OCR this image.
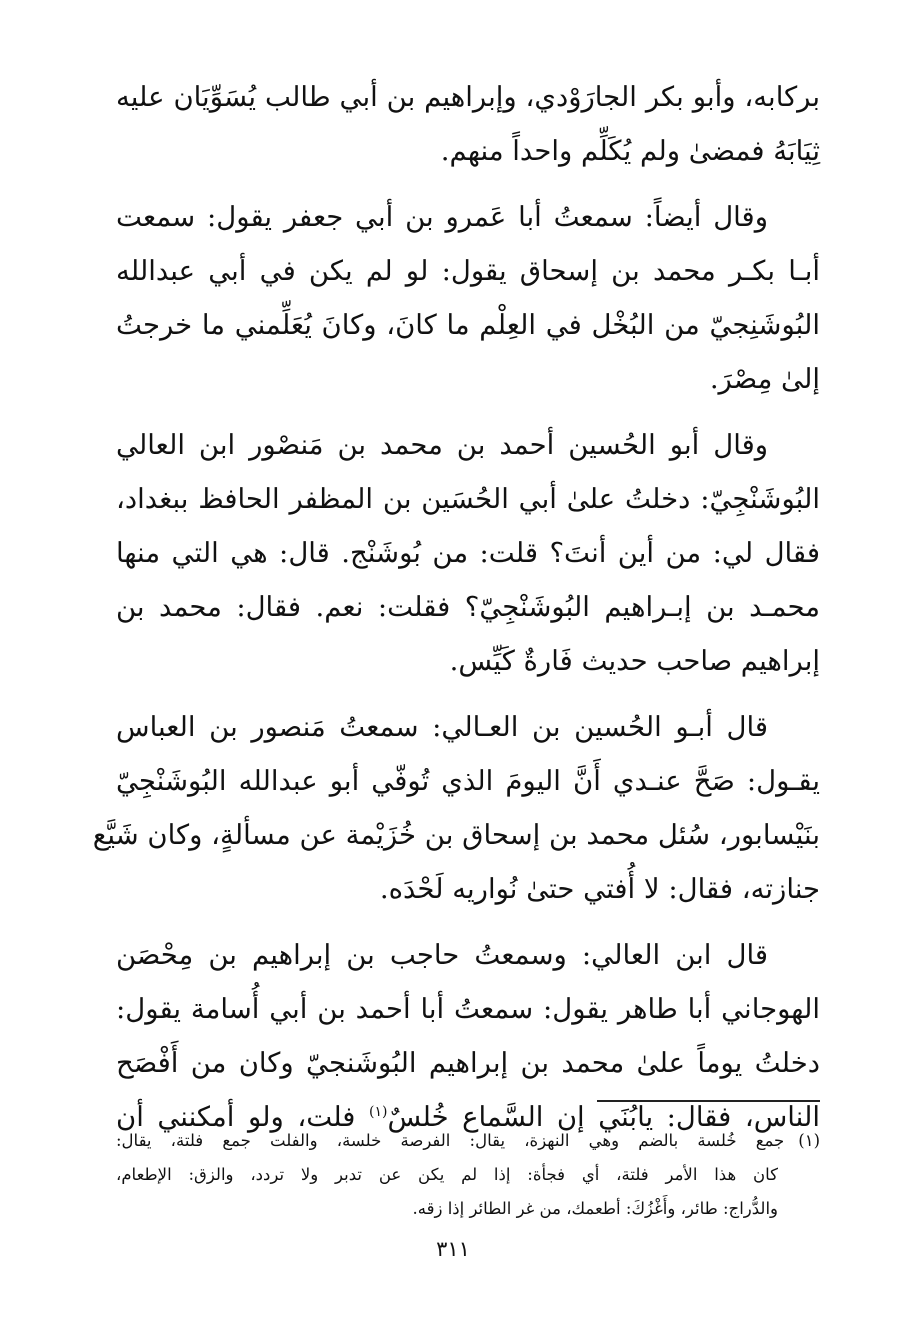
بركابه، وأبو بكر الجارَوْدي، وإبراهيم بن أبي طالب يُسَوِّيَان عليه
ثِيَابَهُ فمضىٰ ولم يُكَلِّم واحداً منهم.

وقال أيضاً: سمعتُ أبا عَمرو بن أبي جعفر يقول: سمعت
أبـا بكـر محمد بن إسحاق يقول: لو لم يكن في أبي عبدالله
البُوشَنِجيّ من البُخْل في العِلْم ما كانَ، وكانَ يُعَلِّمني ما خرجتُ
إلىٰ مِصْرَ.

وقال أبو الحُسين أحمد بن محمد بن مَنصْور ابن العالي
البُوشَنْجِيّ: دخلتُ علىٰ أبي الحُسَين بن المظفر الحافظ ببغداد،
فقال لي: من أين أنتَ؟ قلت: من بُوشَنْج. قال: هي التي منها
محمـد بن إبـراهيم البُوشَنْجِيّ؟ فقلت: نعم. فقال: محمد بن
إبراهيم صاحب حديث فَارةٌ كَيِّس.

قال أبـو الحُسين بن العـالي: سمعتُ مَنصور بن العباس
يقـول: صَحَّ عنـدي أَنَّ اليومَ الذي تُوفّي أبو عبدالله البُوشَنْجِيّ
بنَيْسابور، سُئل محمد بن إسحاق بن خُزَيْمة عن مسألةٍ، وكان شَيَّع
جنازته، فقال: لا أُفتي حتىٰ نُواريه لَحْدَه.

قال ابن العالي: وسمعتُ حاجب بن إبراهيم بن مِحْصَن
الهوجاني أبا طاهر يقول: سمعتُ أبا أحمد بن أبي أُسامة يقول:
دخلتُ يوماً علىٰ محمد بن إبراهيم البُوشَنجيّ وكان من أَفْصَح
الناس، فقال: يابُنَي إن السَّماع خُلسٌ$^{(١)}$ فلت، ولو أمكنني أن

(١)
جمع خُلسة بالضم وهي النهزة، يقال: الفرصة خلسة، والفلت جمع فلتة، يقال:
كان هذا الأمر فلتة، أي فجأة: إذا لم يكن عن تدبر ولا تردد، والزق: الإطعام،
والدُّراج: طائر، وأَغْزُكَ: أطعمك، من غر الطائر إذا زقه.
٣١١
